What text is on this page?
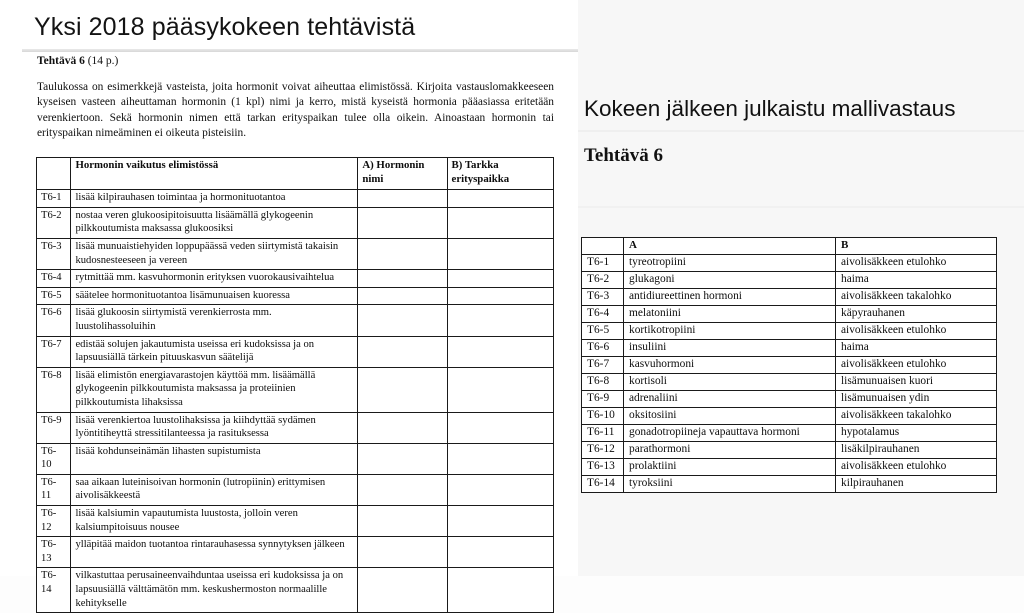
Yksi 2018 pääsykokeen tehtävistä
Tehtävä 6 (14 p.)
Taulukossa on esimerkkejä vasteista, joita hormonit voivat aiheuttaa elimistössä. Kirjoita vastauslomakkeeseen kyseisen vasteen aiheuttaman hormonin (1 kpl) nimi ja kerro, mistä kyseistä hormonia pääasiassa eritetään verenkiertoon. Sekä hormonin nimen että tarkan erityspaikan tulee olla oikein. Ainoastaan hormonin tai erityspaikan nimeäminen ei oikeuta pisteisiin.
	Hormonin vaikutus elimistössä	A) Hormonin nimi	B) Tarkka erityspaikka
T6-1	lisää kilpirauhasen toimintaa ja hormonituotantoa		
T6-2	nostaa veren glukoosipitoisuutta lisäämällä glykogeenin pilkkoutumista maksassa glukoosiksi		
T6-3	lisää munuaistiehyiden loppupäässä veden siirtymistä takaisin kudosnesteeseen ja vereen		
T6-4	rytmittää mm. kasvuhormonin erityksen vuorokausivaihtelua		
T6-5	säätelee hormonituotantoa lisämunuaisen kuoressa		
T6-6	lisää glukoosin siirtymistä verenkierrosta mm. luustolihassoluihin		
T6-7	edistää solujen jakautumista useissa eri kudoksissa ja on lapsuusiällä tärkein pituuskasvun säätelijä		
T6-8	lisää elimistön energiavarastojen käyttöä mm. lisäämällä glykogeenin pilkkoutumista maksassa ja proteiinien pilkkoutumista lihaksissa		
T6-9	lisää verenkiertoa luustolihaksissa ja kiihdyttää sydämen lyöntitiheyttä stressitilanteessa ja rasituksessa		
T6-10	lisää kohdunseinämän lihasten supistumista		
T6-11	saa aikaan luteinisoivan hormonin (lutropiinin) erittymisen aivolisäkkeestä		
T6-12	lisää kalsiumin vapautumista luustosta, jolloin veren kalsiumpitoisuus nousee		
T6-13	ylläpitää maidon tuotantoa rintarauhasessa synnytyksen jälkeen		
T6-14	vilkastuttaa perusaineenvaihduntaa useissa eri kudoksissa ja on lapsuusiällä välttämätön mm. keskushermoston normaalille kehitykselle		
Kokeen jälkeen julkaistu mallivastaus
Tehtävä 6
	A	B
T6-1	tyreotropiini	aivolisäkkeen etulohko
T6-2	glukagoni	haima
T6-3	antidiureettinen hormoni	aivolisäkkeen takalohko
T6-4	melatoniini	käpyrauhanen
T6-5	kortikotropiini	aivolisäkkeen etulohko
T6-6	insuliini	haima
T6-7	kasvuhormoni	aivolisäkkeen etulohko
T6-8	kortisoli	lisämunuaisen kuori
T6-9	adrenaliini	lisämunuaisen ydin
T6-10	oksitosiini	aivolisäkkeen takalohko
T6-11	gonadotropiineja vapauttava hormoni	hypotalamus
T6-12	parathormoni	lisäkilpirauhanen
T6-13	prolaktiini	aivolisäkkeen etulohko
T6-14	tyroksiini	kilpirauhanen
